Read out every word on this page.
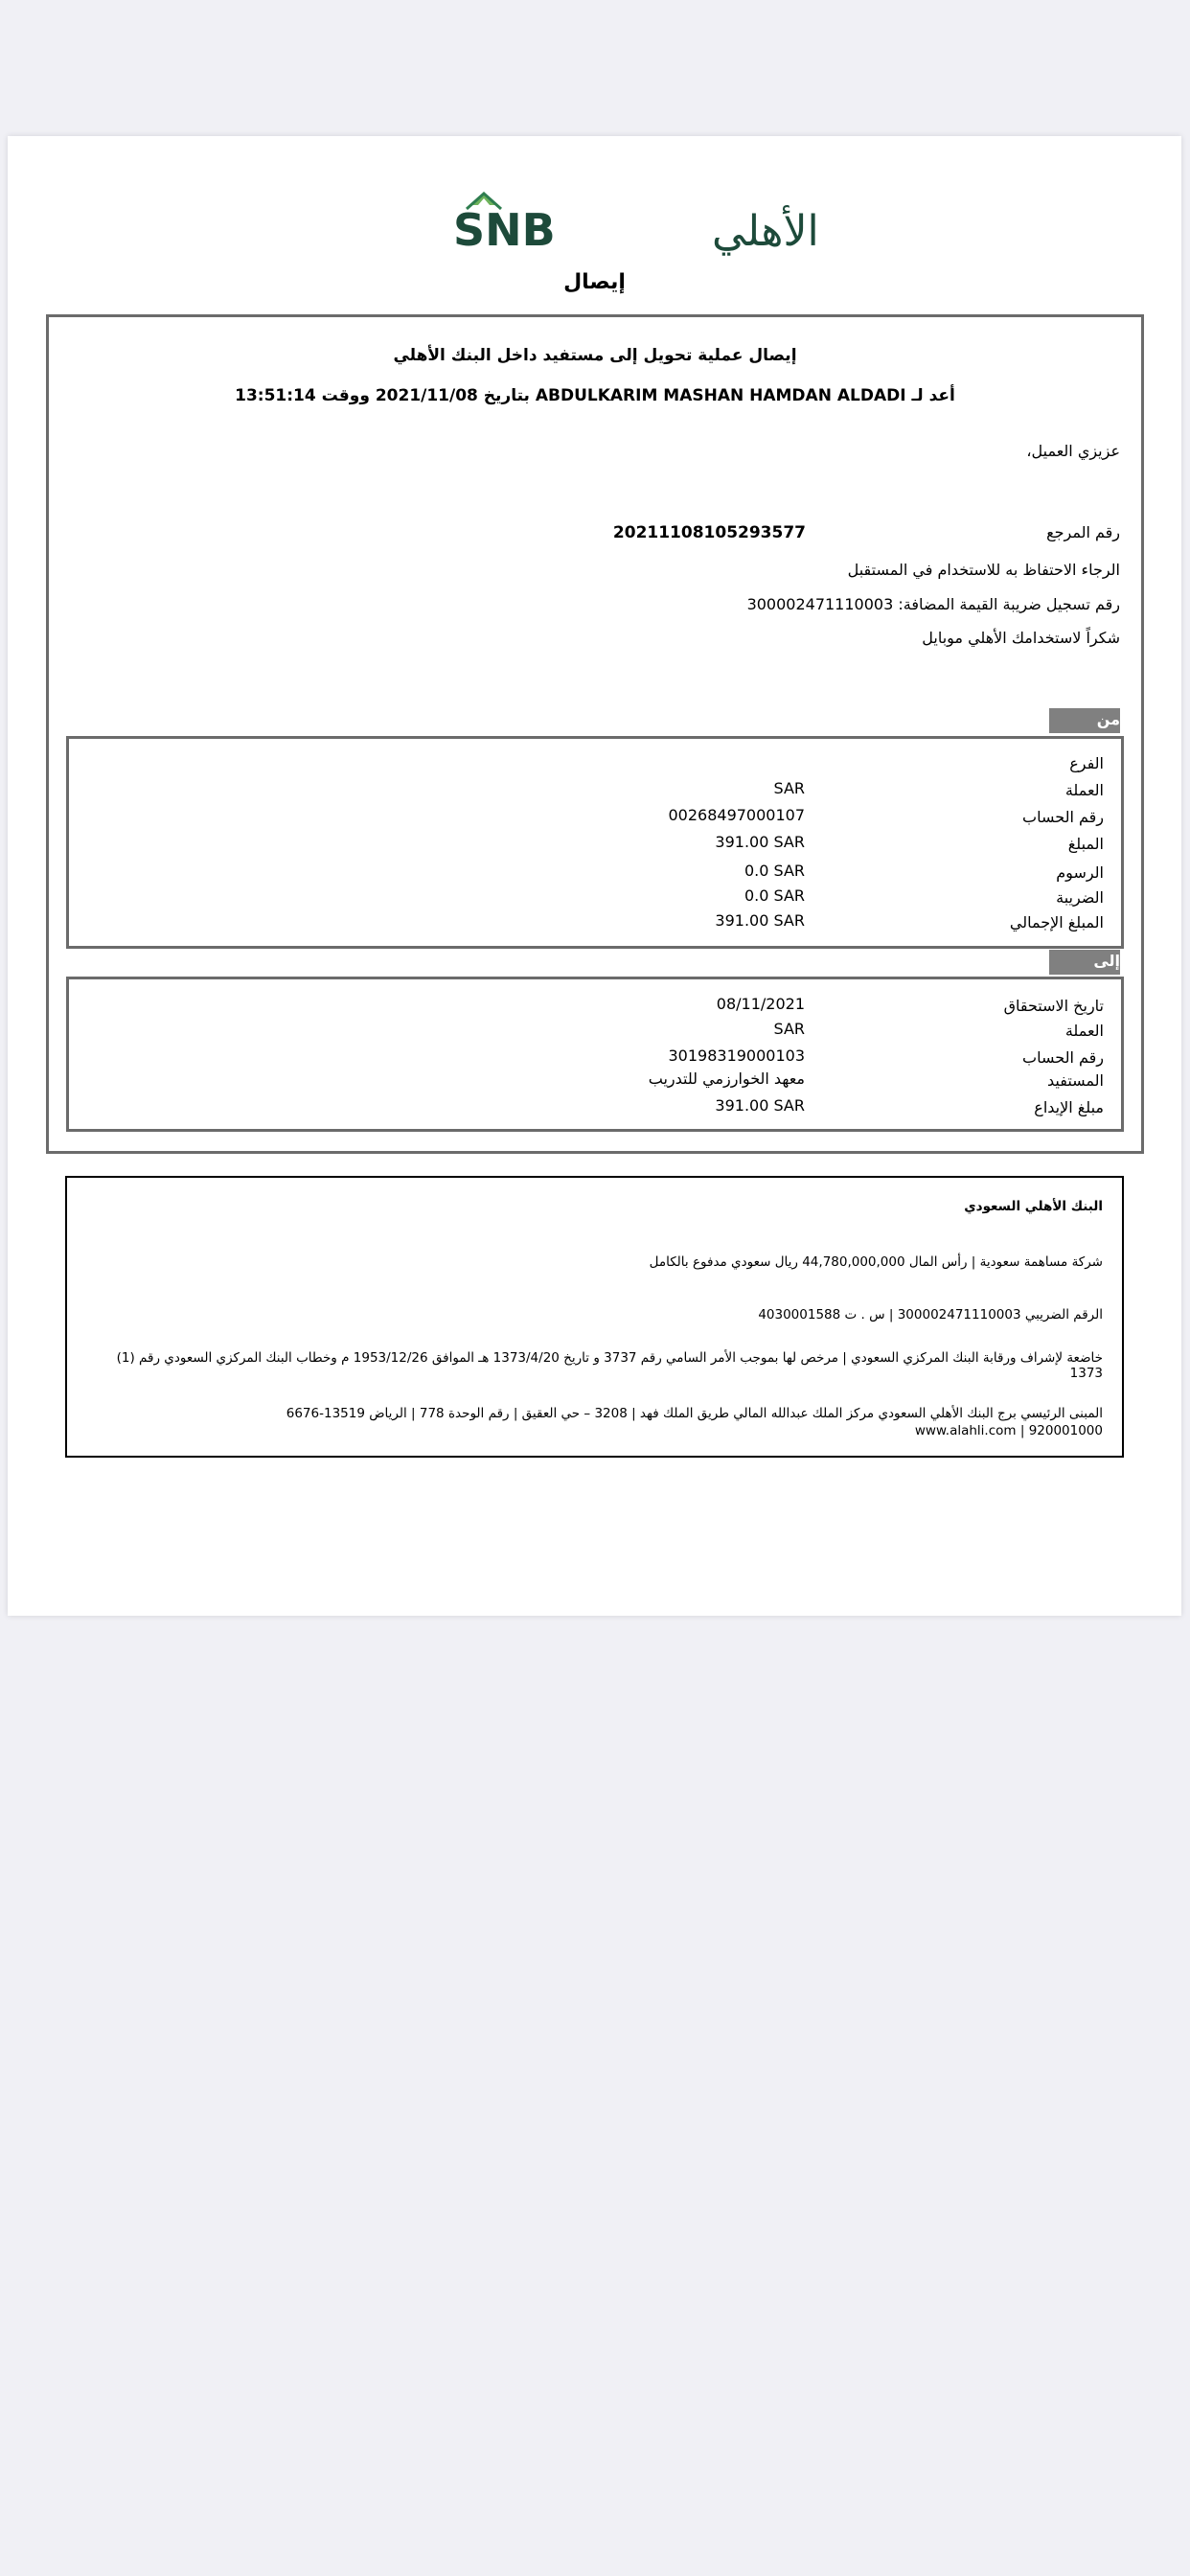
SNB	الأهلي
إيصال
إيصال عملية تحويل إلى مستفيد داخل البنك الأهلي
أعد لـ ABDULKARIM MASHAN HAMDAN ALDADI بتاريخ 2021/11/08 ووقت 13:51:14
عزيزي العميل،
رقم المرجع
20211108105293577
الرجاء الاحتفاظ به للاستخدام في المستقبل
رقم تسجيل ضريبة القيمة المضافة: 300002471110003
شكراً لاستخدامك الأهلي موبايل
من
الفرع
العملة
SAR
رقم الحساب
00268497000107
المبلغ
391.00 SAR
الرسوم
0.0 SAR
الضريبة
0.0 SAR
المبلغ الإجمالي
391.00 SAR
إلى
تاريخ الاستحقاق
08/11/2021
العملة
SAR
رقم الحساب
30198319000103
المستفيد
معهد الخوارزمي للتدريب
مبلغ الإيداع
391.00 SAR
البنك الأهلي السعودي
شركة مساهمة سعودية | رأس المال 44,780,000,000 ريال سعودي مدفوع بالكامل
الرقم الضريبي 300002471110003 | س . ت 4030001588
خاضعة لإشراف ورقابة البنك المركزي السعودي | مرخص لها بموجب الأمر السامي رقم 3737 و تاريخ 1373/4/20 هـ الموافق 1953/12/26 م وخطاب البنك المركزي السعودي رقم (1) 1373
المبنى الرئيسي برج البنك الأهلي السعودي مركز الملك عبدالله المالي طريق الملك فهد | 3208 – حي العقيق | رقم الوحدة 778 | الرياض 13519-6676
920001000 | www.alahli.com
